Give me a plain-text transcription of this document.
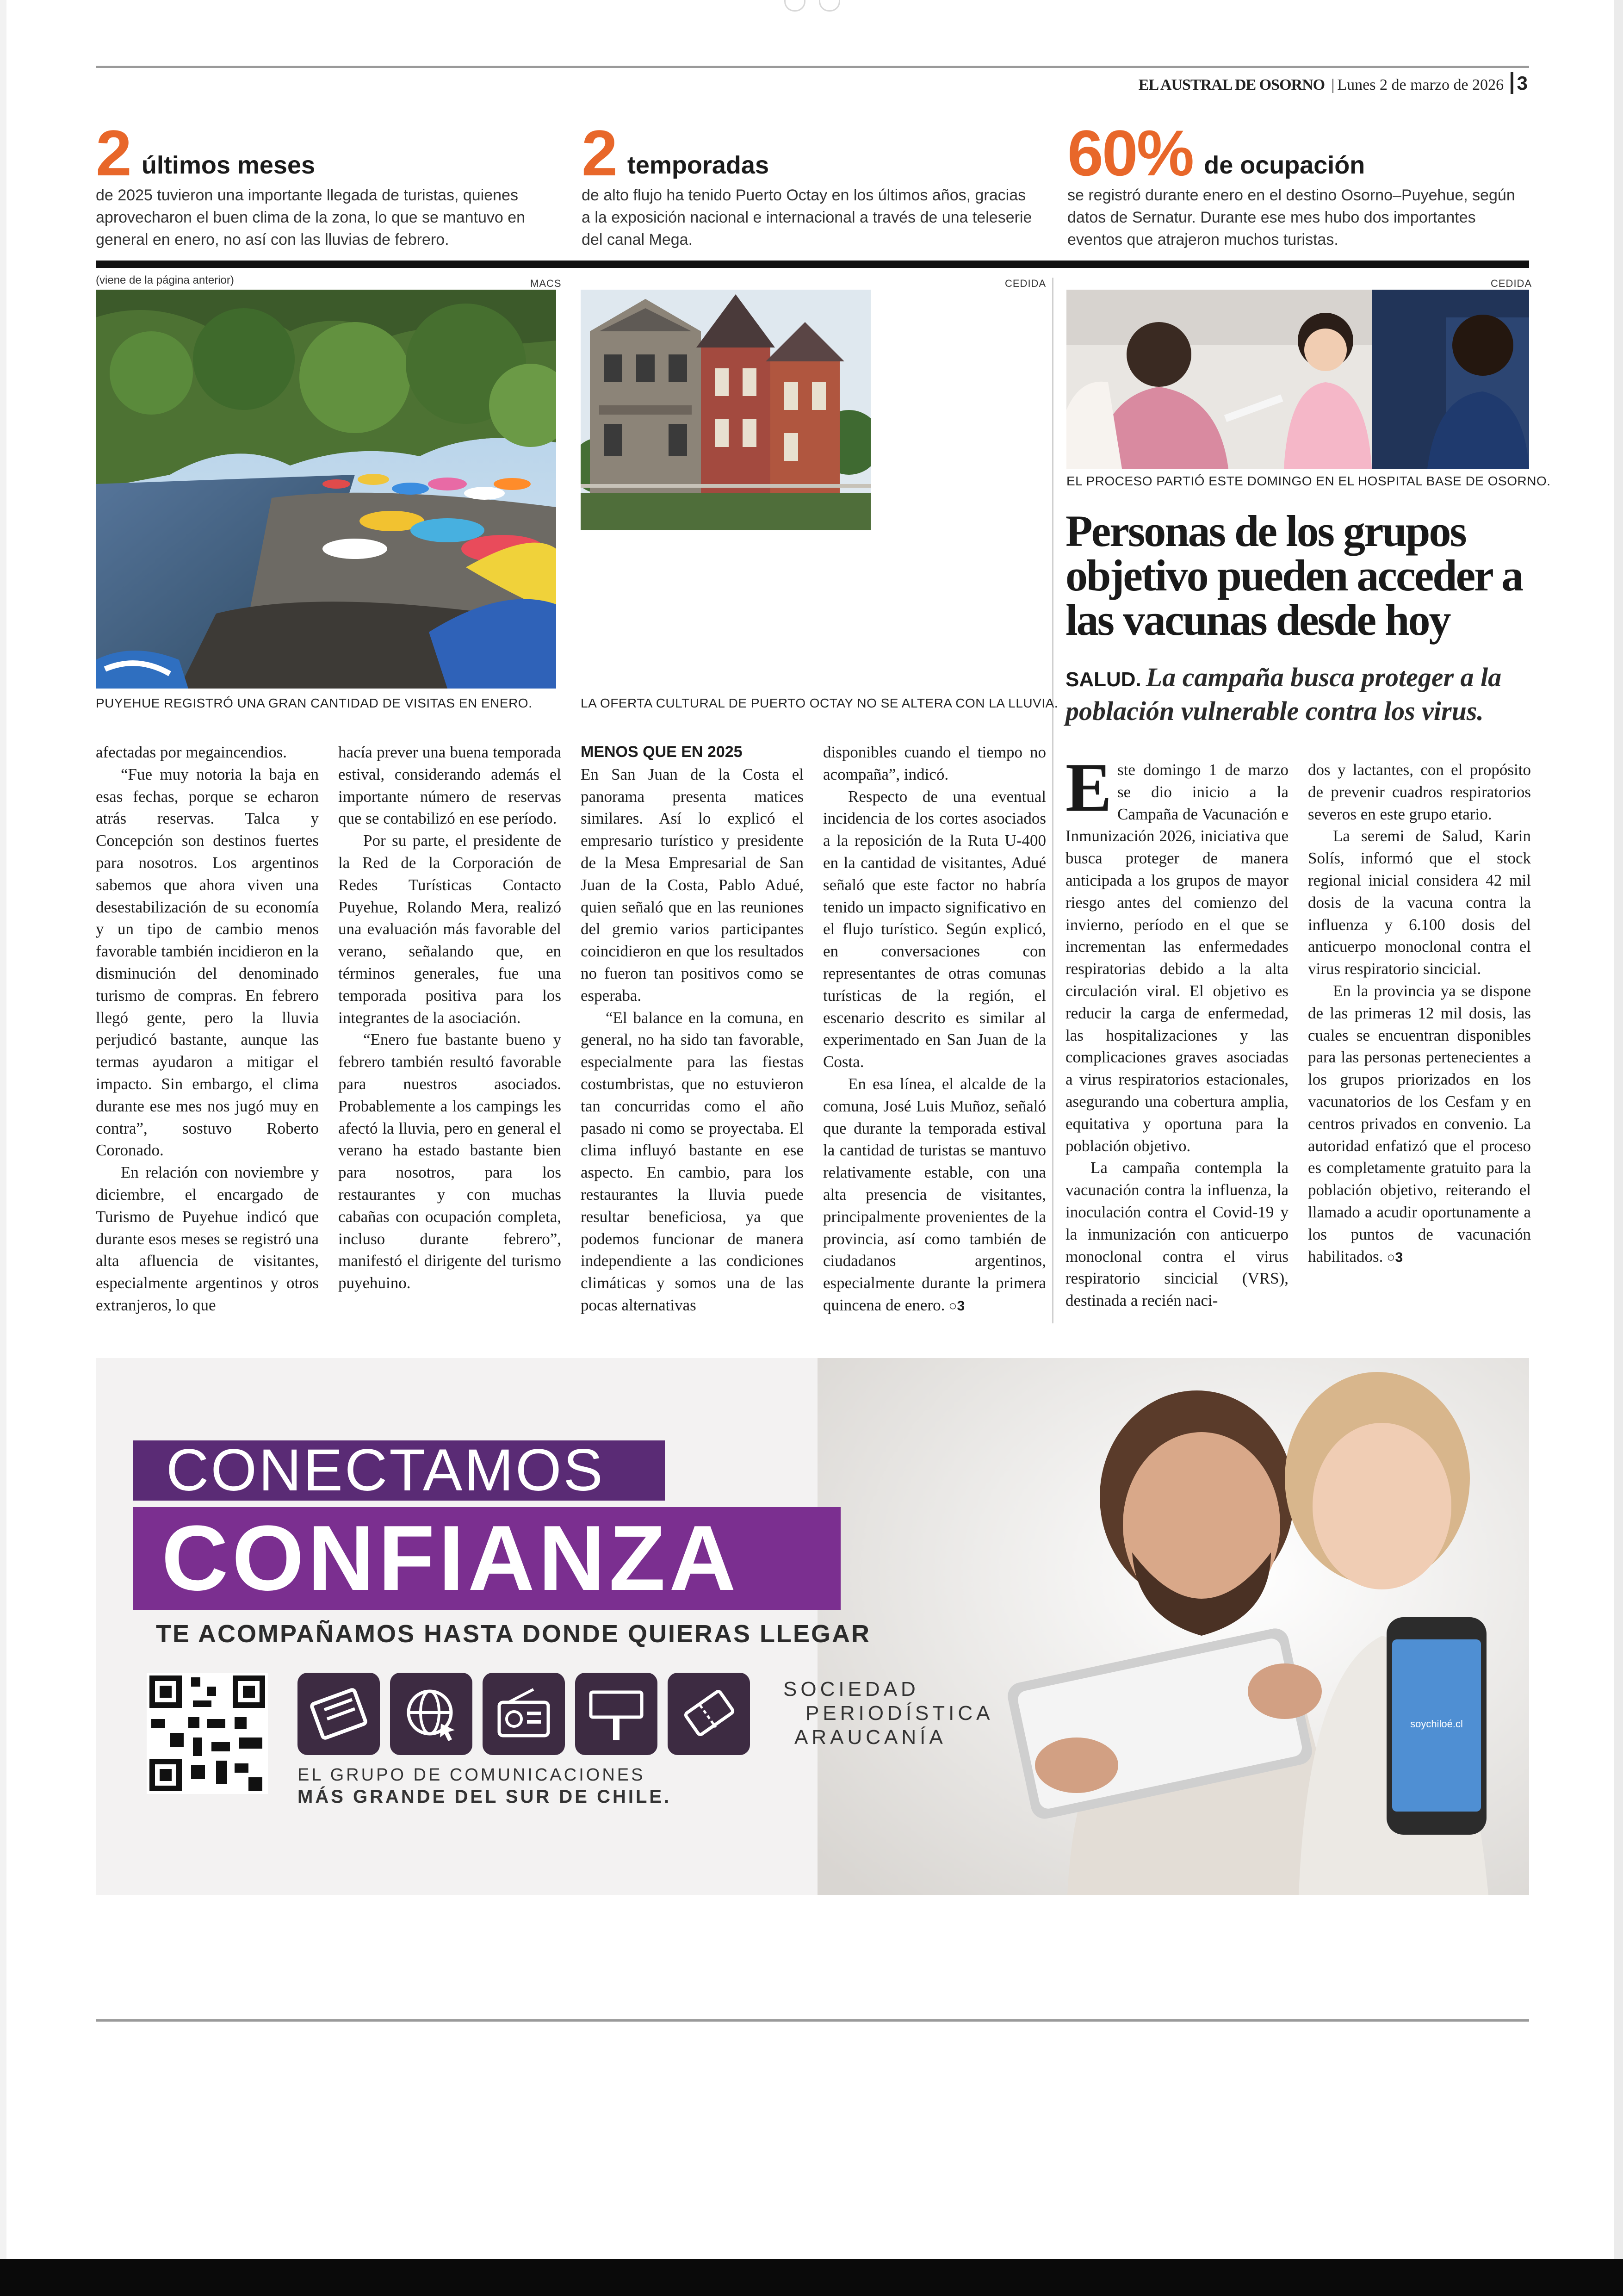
EL AUSTRAL DE OSORNO | Lunes 2 de marzo de 2026 3
2 últimos meses
de 2025 tuvieron una importante llegada de turistas, quienes aprovecharon el buen clima de la zona, lo que se mantuvo en general en enero, no así con las lluvias de febrero.
2 temporadas
de alto flujo ha tenido Puerto Octay en los últimos años, gracias a la exposición nacional e internacional a través de una teleserie del canal Mega.
60% de ocupación
se registró durante enero en el destino Osorno–Puyehue, según datos de Sernatur. Durante ese mes hubo dos importantes eventos que atrajeron muchos turistas.
(viene de la página anterior)	MACS
PUYEHUE REGISTRÓ UNA GRAN CANTIDAD DE VISITAS EN ENERO.
CEDIDA
LA OFERTA CULTURAL DE PUERTO OCTAY NO SE ALTERA CON LA LLUVIA.
CEDIDA
EL PROCESO PARTIÓ ESTE DOMINGO EN EL HOSPITAL BASE DE OSORNO.
Personas de los grupos objetivo pueden acceder a las vacunas desde hoy
SALUD. La campaña busca proteger a la población vulnerable contra los virus.

afectadas por megaincendios.

“Fue muy notoria la baja en esas fechas, porque se echaron atrás reservas. Talca y Concepción son destinos fuertes para nosotros. Los argentinos sabemos que ahora viven una desestabilización de su economía y un tipo de cambio menos favorable también incidieron en la disminución del denominado turismo de compras. En febrero llegó gente, pero la lluvia perjudicó bastante, aunque las termas ayudaron a mitigar el impacto. Sin embargo, el clima durante ese mes nos jugó muy en contra”, sostuvo Roberto Coronado.

En relación con noviembre y diciembre, el encargado de Turismo de Puyehue indicó que durante esos meses se registró una alta afluencia de visitantes, especialmente argentinos y otros extranjeros, lo que

hacía prever una buena temporada estival, considerando además el importante número de reservas que se contabilizó en ese período.

Por su parte, el presidente de la Red de la Corporación de Redes Turísticas Contacto Puyehue, Rolando Mera, realizó una evaluación más favorable del verano, señalando que, en términos generales, fue una temporada positiva para los integrantes de la asociación.

“Enero fue bastante bueno y febrero también resultó favorable para nuestros asociados. Probablemente a los campings les afectó la lluvia, pero en general el verano ha estado bastante bien para nosotros, para los restaurantes y con muchas cabañas con ocupación completa, incluso durante febrero”, manifestó el dirigente del turismo puyehuino.

MENOS QUE EN 2025

En San Juan de la Costa el panorama presenta matices similares. Así lo explicó el empresario turístico y presidente de la Mesa Empresarial de San Juan de la Costa, Pablo Adué, quien señaló que en las reuniones del gremio varios participantes coincidieron en que los resultados no fueron tan positivos como se esperaba.

“El balance en la comuna, en general, no ha sido tan favorable, especialmente para las fiestas costumbristas, que no estuvieron tan concurridas como el año pasado ni como se proyectaba. El clima influyó bastante en ese aspecto. En cambio, para los restaurantes la lluvia puede resultar beneficiosa, ya que podemos funcionar de manera independiente a las condiciones climáticas y somos una de las pocas alternativas

disponibles cuando el tiempo no acompaña”, indicó.

Respecto de una eventual incidencia de los cortes asociados a la reposición de la Ruta U-400 en la cantidad de visitantes, Adué señaló que este factor no habría tenido un impacto significativo en el flujo turístico. Según explicó, en conversaciones con representantes de otras comunas turísticas de la región, el escenario descrito es similar al experimentado en San Juan de la Costa.

En esa línea, el alcalde de la comuna, José Luis Muñoz, señaló que durante la temporada estival la cantidad de turistas se mantuvo relativamente estable, con una alta presencia de visitantes, principalmente provenientes de la provincia, así como también de ciudadanos argentinos, especialmente durante la primera quincena de enero. ○3

Este domingo 1 de marzo se dio inicio a la Campaña de Vacunación e Inmunización 2026, iniciativa que busca proteger de manera anticipada a los grupos de mayor riesgo antes del comienzo del invierno, período en el que se incrementan las enfermedades respiratorias debido a la alta circulación viral. El objetivo es reducir la carga de enfermedad, las hospitalizaciones y las complicaciones graves asociadas a virus respiratorios estacionales, asegurando una cobertura amplia, equitativa y oportuna para la población objetivo.

La campaña contempla la vacunación contra la influenza, la inoculación contra el Covid-19 y la inmunización con anticuerpo monoclonal contra el virus respiratorio sincicial (VRS), destinada a recién naci-

dos y lactantes, con el propósito de prevenir cuadros respiratorios severos en este grupo etario.

La seremi de Salud, Karin Solís, informó que el stock regional inicial considera 42 mil dosis de la vacuna contra la influenza y 6.100 dosis del anticuerpo monoclonal contra el virus respiratorio sincicial.

En la provincia ya se dispone de las primeras 12 mil dosis, las cuales se encuentran disponibles para las personas pertenecientes a los grupos priorizados en los vacunatorios de los Cesfam y en centros privados en convenio. La autoridad enfatizó que el proceso es completamente gratuito para la población objetivo, reiterando el llamado a acudir oportunamente a los puntos de vacunación habilitados. ○3

CONECTAMOS
CONFIANZA
TE ACOMPAÑAMOS HASTA DONDE QUIERAS LLEGAR
EL GRUPO DE COMUNICACIONES
MÁS GRANDE DEL SUR DE CHILE.
SOCIEDAD
PERIODÍSTICA
ARAUCANÍA
soychiloé.cl
